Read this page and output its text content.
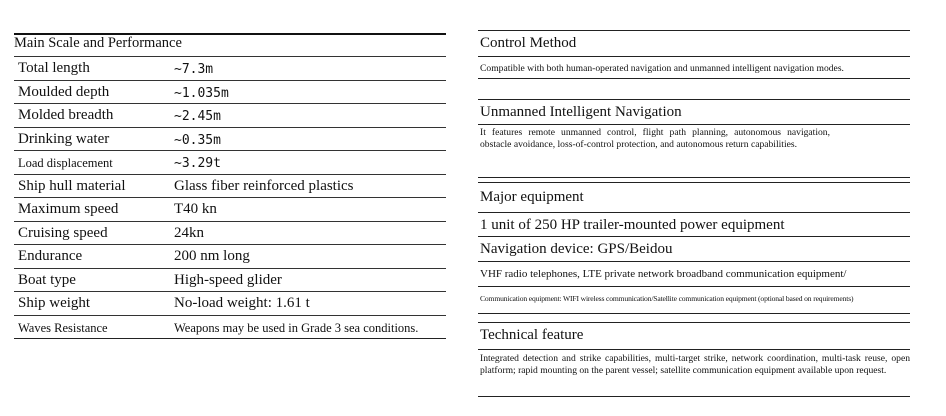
Main Scale and Performance
Total length	~7.3m
Moulded depth	~1.035m
Molded breadth	~2.45m
Drinking water	~0.35m
Load displacement	~3.29t
Ship hull material	Glass fiber reinforced plastics
Maximum speed	T40 kn
Cruising speed	24kn
Endurance	200 nm long
Boat type	High-speed glider
Ship weight	No-load weight: 1.61 t
Waves Resistance	Weapons may be used in Grade 3 sea conditions.
Control Method
Compatible with both human-operated navigation and unmanned intelligent navigation modes.
Unmanned Intelligent Navigation
It features remote unmanned control, flight path planning, autonomous navigation, obstacle avoidance, loss-of-control protection, and autonomous return capabilities.
Major equipment
1 unit of 250 HP trailer-mounted power equipment
Navigation device: GPS/Beidou
VHF radio telephones, LTE private network broadband communication equipment/
Communication equipment: WIFI wireless communication/Satellite communication equipment (optional based on requirements)
Technical feature
Integrated detection and strike capabilities, multi-target strike, network coordination, multi-task reuse, open platform; rapid mounting on the parent vessel; satellite communication equipment available upon request.
